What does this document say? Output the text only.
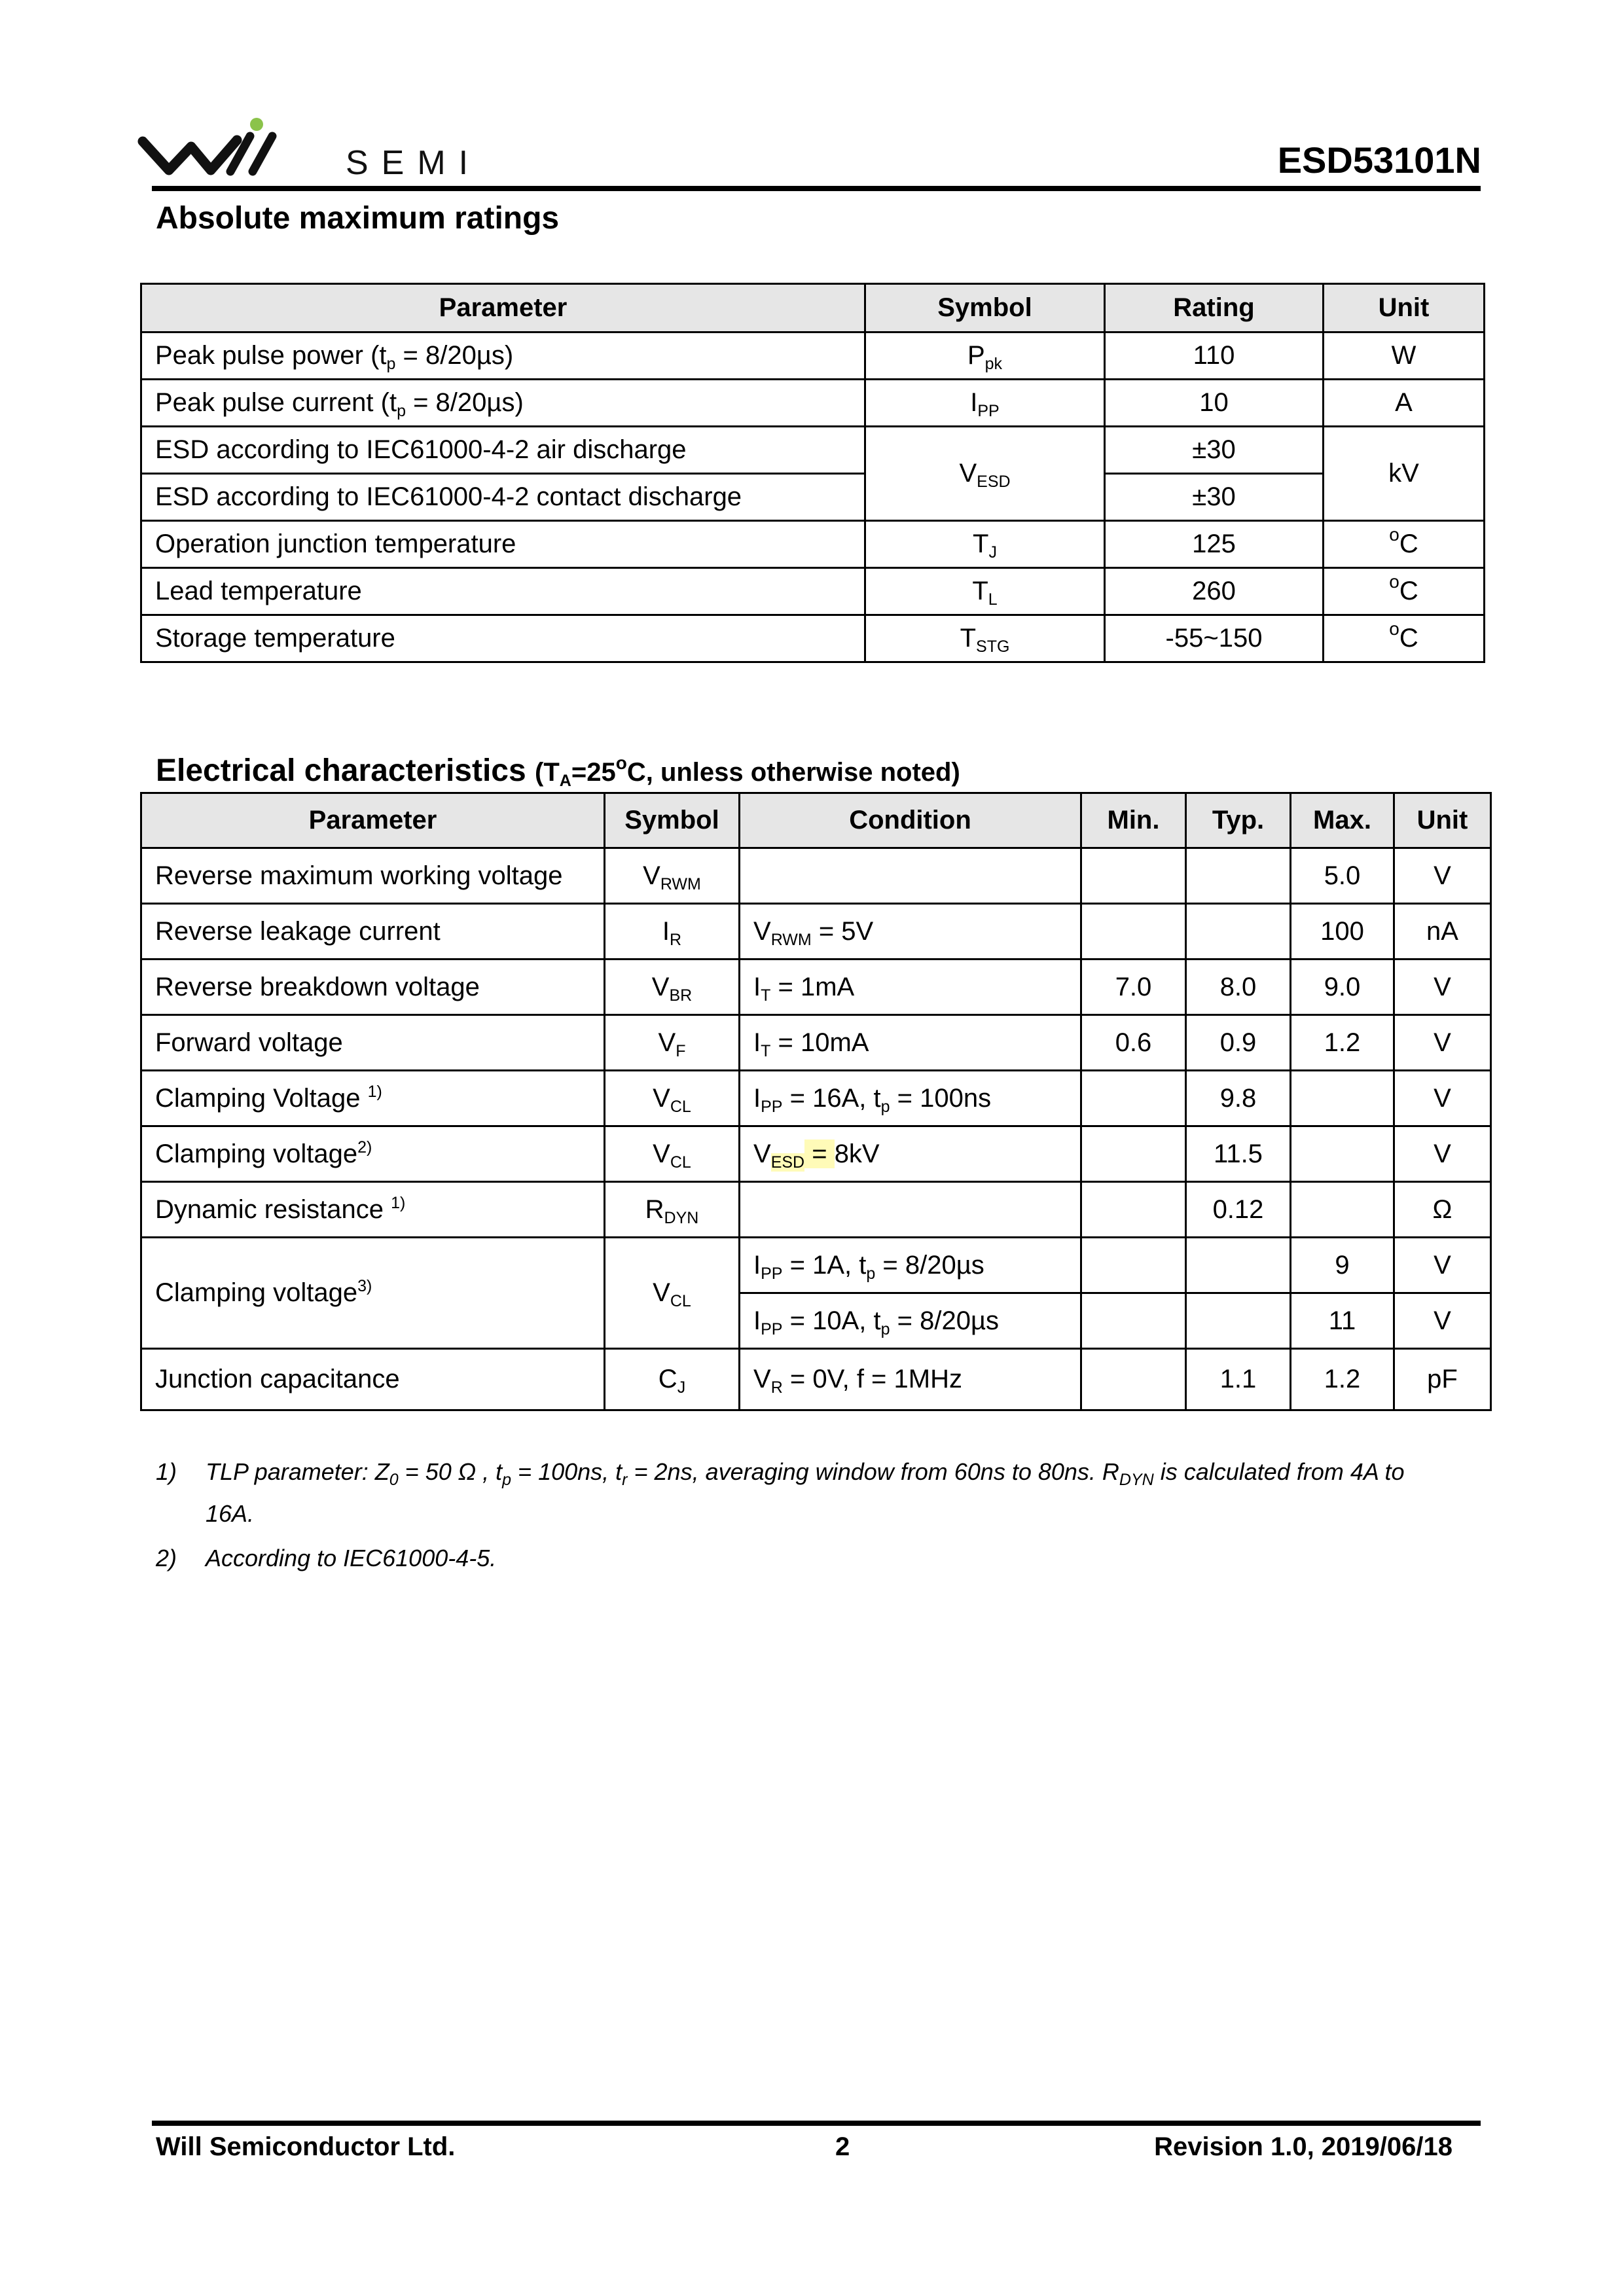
SEMI	ESD53101N
Absolute maximum ratings
Parameter	Symbol	Rating	Unit
Peak pulse power $(t_p = 8/20\mu s)$	$P_{pk}$	110	W
Peak pulse current $(t_p = 8/20\mu s)$	$I_{PP}$	10	A
ESD according to IEC61000-4-2 air discharge	$V_{ESD}$	±30	kV
ESD according to IEC61000-4-2 contact discharge		±30	
Operation junction temperature	$T_J$	125	$^o$C
Lead temperature	$T_L$	260	$^o$C
Storage temperature	$T_{STG}$	-55~150	$^o$C
Electrical characteristics ($T_A=25^oC$, unless otherwise noted)
Parameter	Symbol	Condition	Min.	Typ.	Max.	Unit
Reverse maximum working voltage	$V_{RWM}$				5.0	V
Reverse leakage current	$I_R$	$V_{RWM} = 5V$			100	nA
Reverse breakdown voltage	$V_{BR}$	$I_T = 1mA$	7.0	8.0	9.0	V
Forward voltage	$V_F$	$I_T = 10mA$	0.6	0.9	1.2	V
Clamping Voltage $^{1)}$	$V_{CL}$	$I_{PP} = 16A$, $t_p = 100ns$		9.8		V
Clamping voltage$^{2)}$	$V_{CL}$	$V_{ESD} = 8kV$		11.5		V
Dynamic resistance $^{1)}$	$R_{DYN}$			0.12		Ω
Clamping voltage$^{3)}$	$V_{CL}$	$I_{PP} = 1A$, $t_p = 8/20\mu s$			9	V
		$I_{PP} = 10A$, $t_p = 8/20\mu s$			11	V
Junction capacitance	$C_J$	$V_R = 0V$, f = 1MHz		1.1	1.2	pF
1) TLP parameter: $Z_0 = 50$ Ω , $t_p = 100ns$, $t_r = 2ns$, averaging window from 60ns to 80ns. $R_{DYN}$ is calculated from 4A to
16A.
2) According to IEC61000-4-5.
Will Semiconductor Ltd.	2	Revision 1.0, 2019/06/18
